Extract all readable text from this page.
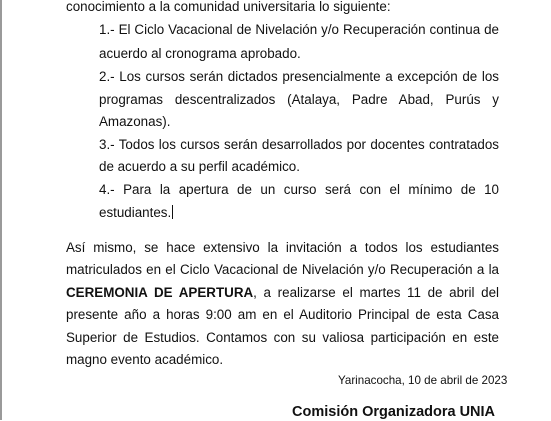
conocimiento a la comunidad universitaria lo siguiente:
1.- El Ciclo Vacacional de Nivelación y/o Recuperación continua de
acuerdo al cronograma aprobado.
2.- Los cursos serán dictados presencialmente a excepción de los
programas descentralizados (Atalaya, Padre Abad, Purús y
Amazonas).
3.- Todos los cursos serán desarrollados por docentes contratados
de acuerdo a su perfil académico.
4.- Para la apertura de un curso será con el mínimo de 10
estudiantes.
Así mismo, se hace extensivo la invitación a todos los estudiantes
matriculados en el Ciclo Vacacional de Nivelación y/o Recuperación a la
CEREMONIA DE APERTURA, a realizarse el martes 11 de abril del
presente año a horas 9:00 am en el Auditorio Principal de esta Casa
Superior de Estudios. Contamos con su valiosa participación en este
magno evento académico.
Yarinacocha, 10 de abril de 2023
Comisión Organizadora UNIA
